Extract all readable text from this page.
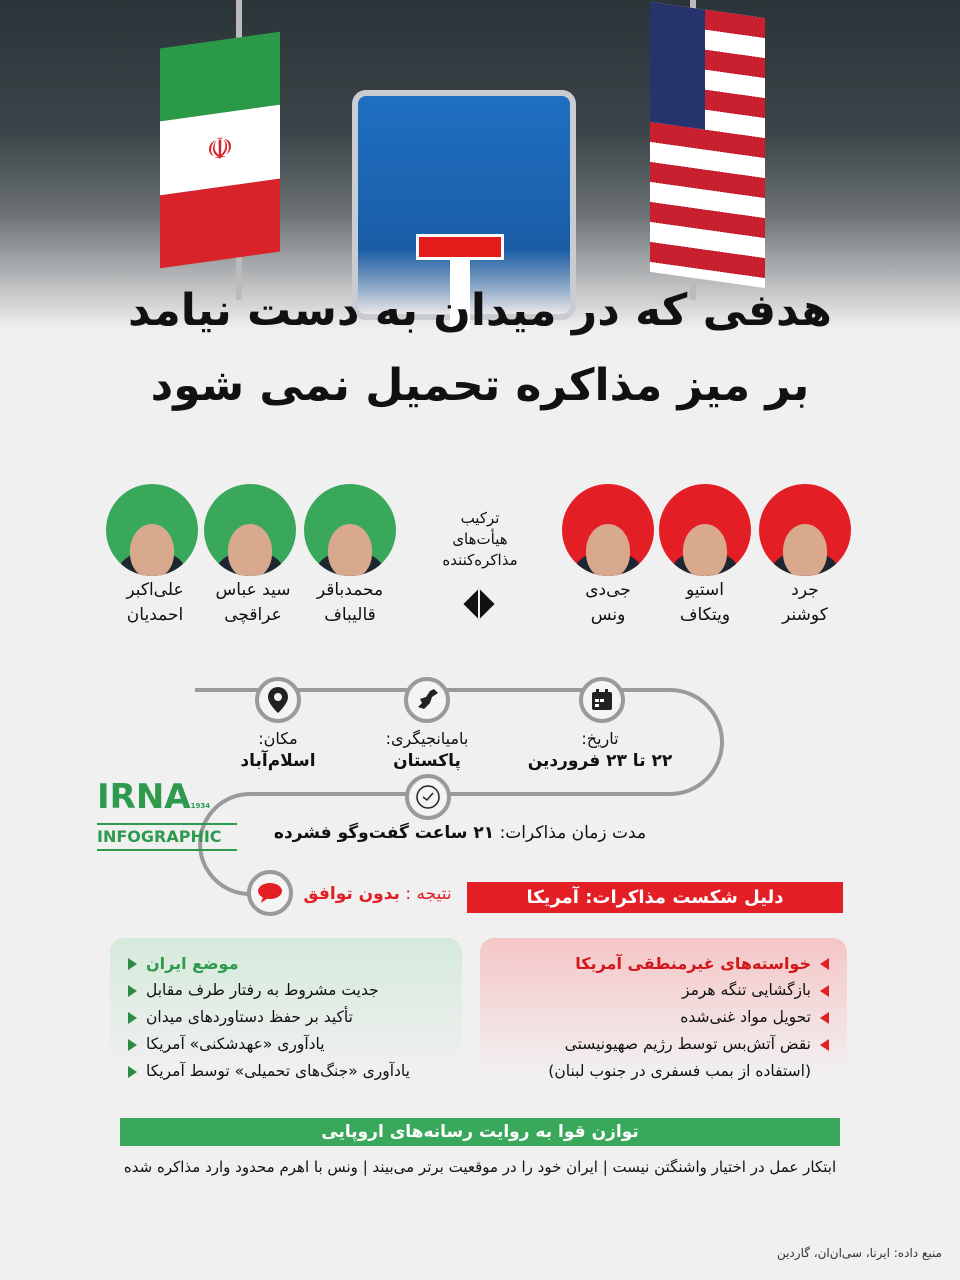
☫
هدفی که در میدان به دست نیامد
بر میز مذاکره تحمیل نمی شود
جرد
کوشنر
استیو
ویتکاف
جی‌دی
ونس
ترکیب
هیأت‌های
مذاکره‌کننده
محمدباقر
قالیباف
سید عباس
عراقچی
علی‌اکبر
احمدیان
تاریخ:
۲۲ تا ۲۳ فروردین
بامیانجیگری:
پاکستان
مکان:
اسلام‌آباد
مدت زمان مذاکرات: ۲۱ ساعت گفت‌وگو فشرده
IRNA1934
INFOGRAPHIC
نتیجه : بدون توافق	دلیل شکست مذاکرات: آمریکا
خواسته‌های غیرمنطقی آمریکا
بازگشایی تنگه هرمز
تحویل مواد غنی‌شده
نقض آتش‌بس توسط رژیم صهیونیستی
(استفاده از بمب فسفری در جنوب لبنان)
موضع ایران
جدیت مشروط به رفتار طرف مقابل
تأکید بر حفظ دستاوردهای میدان
یادآوری «عهدشکنی» آمریکا
یادآوری «جنگ‌های تحمیلی» توسط آمریکا
توازن قوا به روایت رسانه‌های اروپایی
ابتکار عمل در اختیار واشنگتن نیست | ایران خود را در موقعیت برتر می‌بیند | ونس با اهرم محدود وارد مذاکره شده
منبع داده: ایرنا، سی‌ان‌ان، گاردین
